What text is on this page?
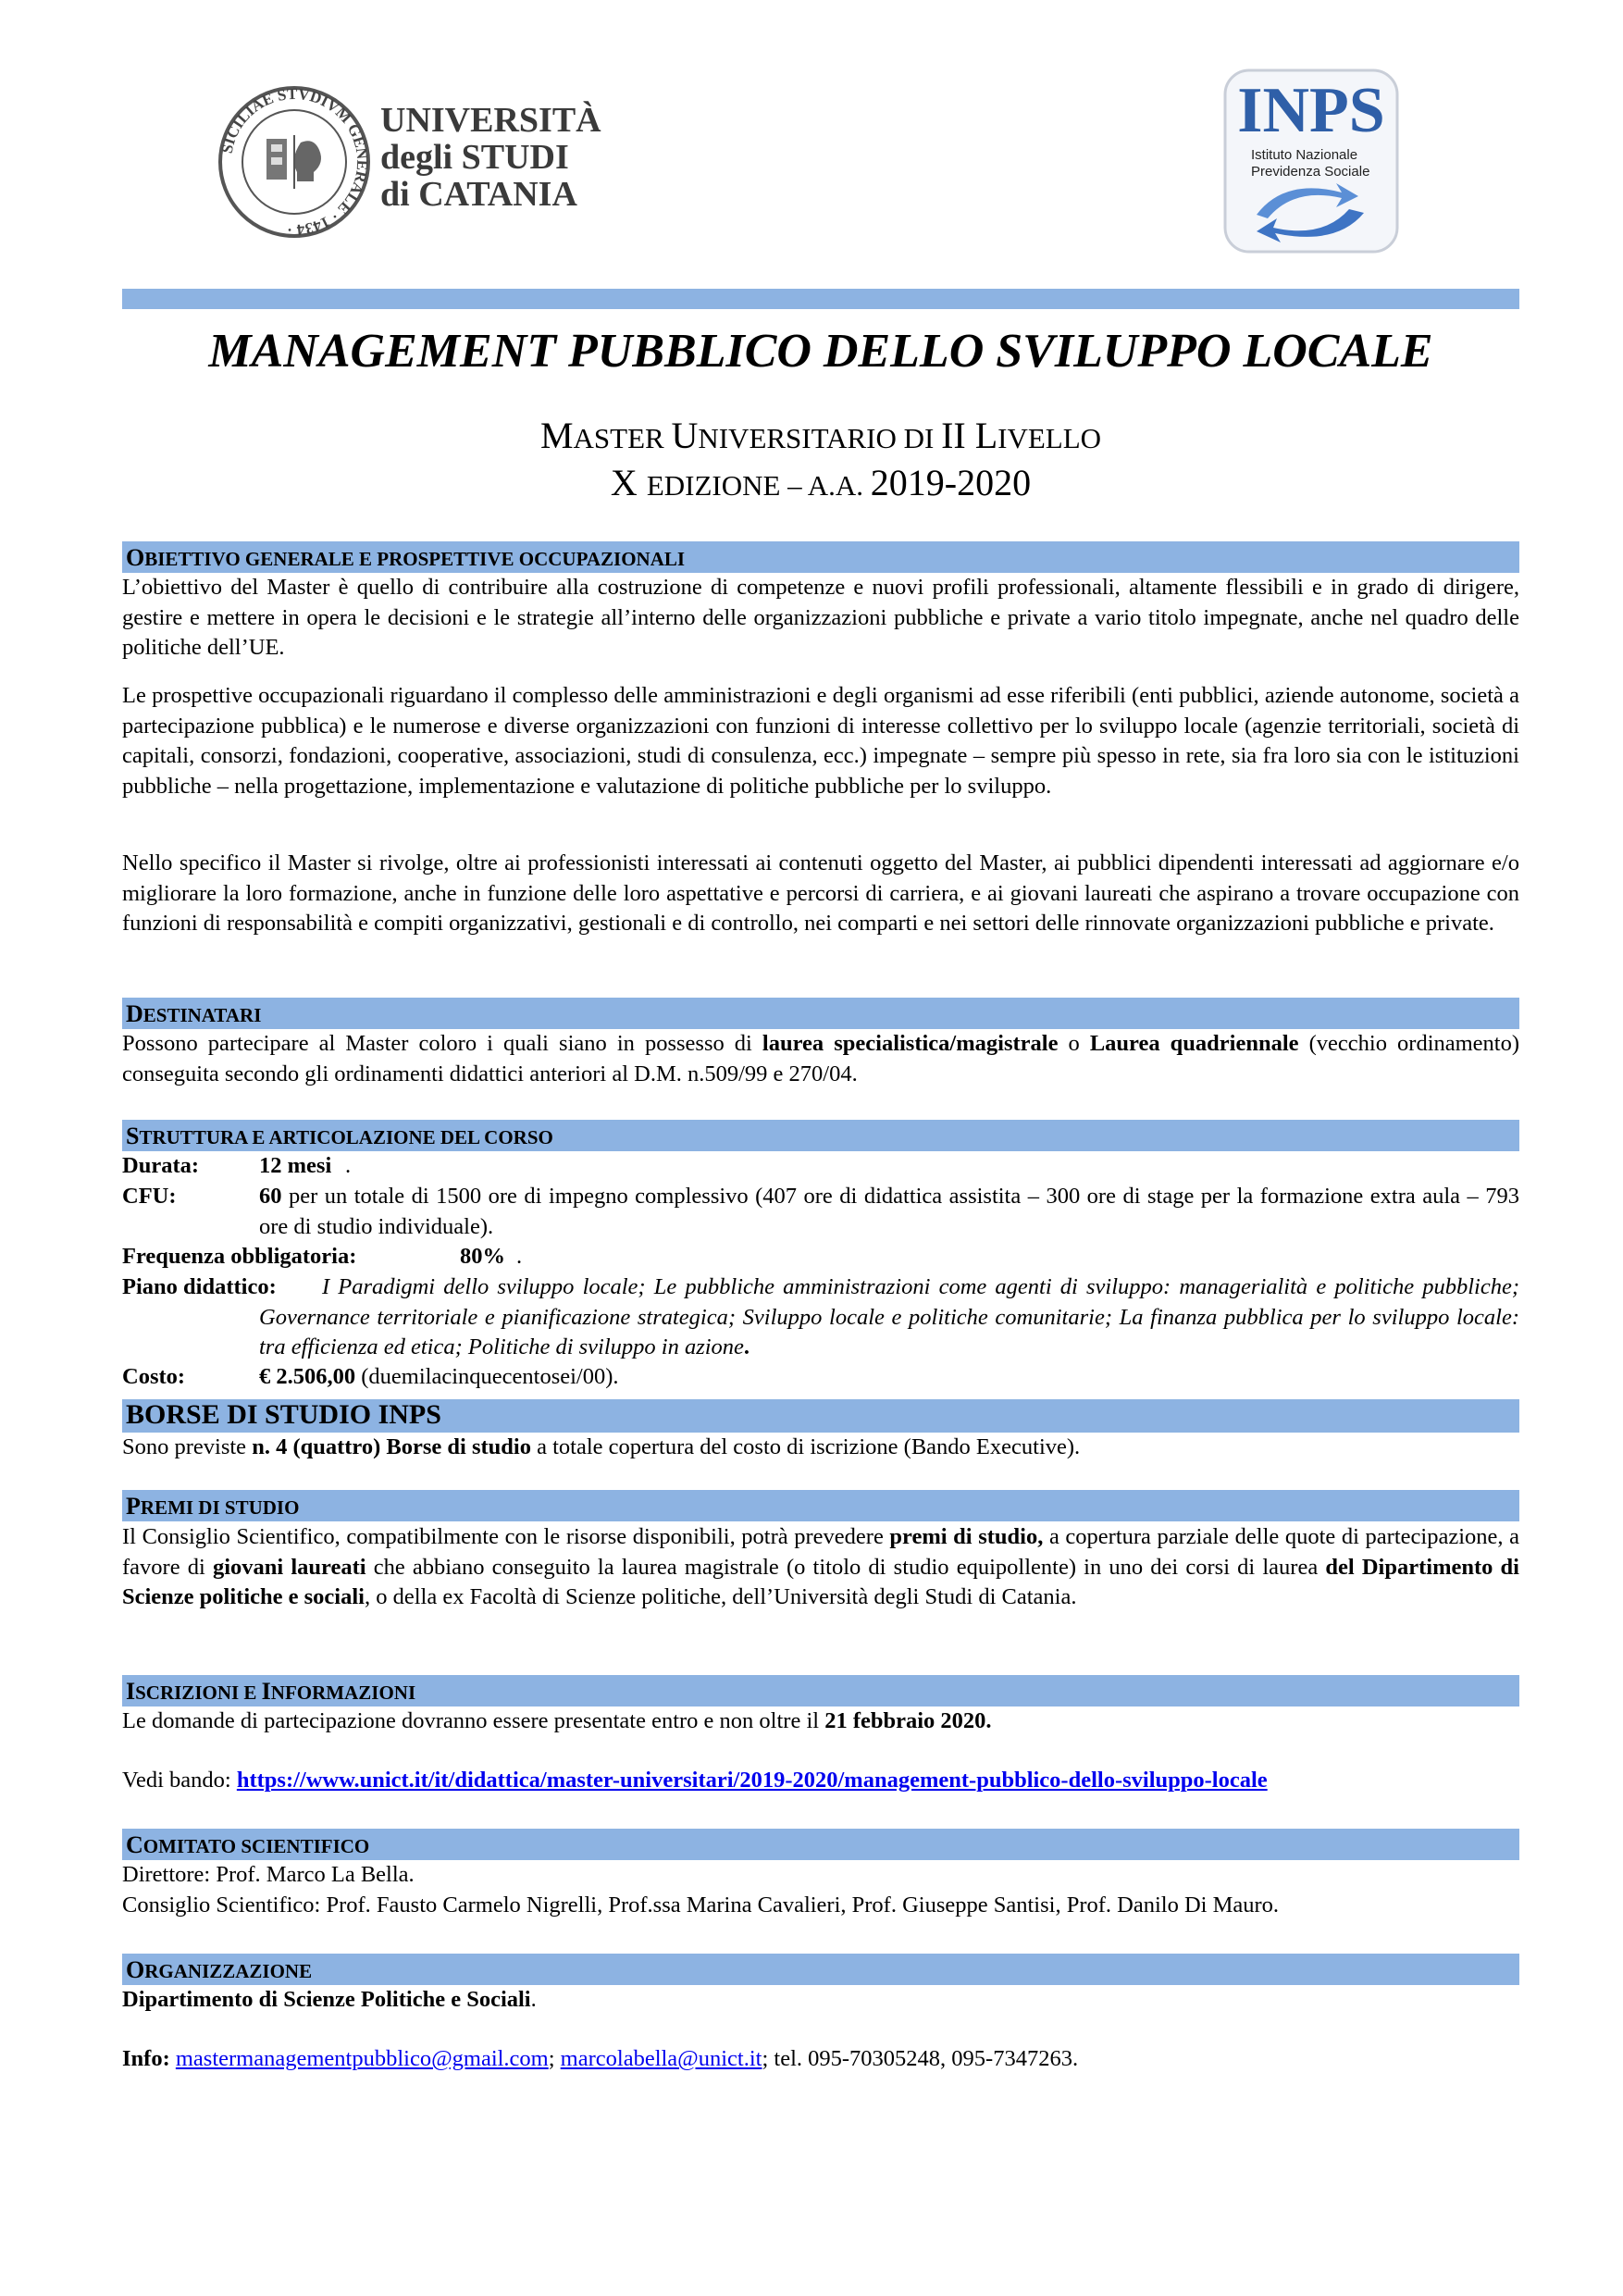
SICILIAE STVDIVM GENERALE · 1434 ·
UNIVERSITÀ
degli STUDI
di CATANIA
INPS
Istituto Nazionale
Previdenza Sociale
MANAGEMENT PUBBLICO DELLO SVILUPPO LOCALE
MASTER UNIVERSITARIO DI II LIVELLO
X EDIZIONE – A.A. 2019-2020
OBIETTIVO GENERALE E PROSPETTIVE OCCUPAZIONALI

L’obiettivo del Master è quello di contribuire alla costruzione di competenze e nuovi profili professionali, altamente flessibili e in grado di dirigere, gestire e mettere in opera le decisioni e le strategie all’interno delle organizzazioni pubbliche e private a vario titolo impegnate, anche nel quadro delle politiche dell’UE.

Le prospettive occupazionali riguardano il complesso delle amministrazioni e degli organismi ad esse riferibili (enti pubblici, aziende autonome, società a partecipazione pubblica) e le numerose e diverse organizzazioni con funzioni di interesse collettivo per lo sviluppo locale (agenzie territoriali, società di capitali, consorzi, fondazioni, cooperative, associazioni, studi di consulenza, ecc.) impegnate – sempre più spesso in rete, sia fra loro sia con le istituzioni pubbliche – nella progettazione, implementazione e valutazione di politiche pubbliche per lo sviluppo.

Nello specifico il Master si rivolge, oltre ai professionisti interessati ai contenuti oggetto del Master, ai pubblici dipendenti interessati ad aggiornare e/o migliorare la loro formazione, anche in funzione delle loro aspettative e percorsi di carriera, e ai giovani laureati che aspirano a trovare occupazione con funzioni di responsabilità e compiti organizzativi, gestionali e di controllo, nei comparti e nei settori delle rinnovate organizzazioni pubbliche e private.

DESTINATARI

Possono partecipare al Master coloro i quali siano in possesso di laurea specialistica/magistrale o Laurea quadriennale (vecchio ordinamento) conseguita secondo gli ordinamenti didattici anteriori al D.M. n.509/99 e 270/04.

STRUTTURA E ARTICOLAZIONE DEL CORSO
Durata:	12 mesi .
CFU:	60 per un totale di 1500 ore di impegno complessivo (407 ore di didattica assistita – 300 ore di stage per la formazione extra aula – 793 ore di studio individuale).
Frequenza obbligatoria:	80% .
Piano didattico:	I Paradigmi dello sviluppo locale; Le pubbliche amministrazioni come agenti di sviluppo: managerialità e politiche pubbliche; Governance territoriale e pianificazione strategica; Sviluppo locale e politiche comunitarie; La finanza pubblica per lo sviluppo locale: tra efficienza ed etica; Politiche di sviluppo in azione.
Costo:	€ 2.506,00 (duemilacinquecentosei/00).
BORSE DI STUDIO INPS

Sono previste n. 4 (quattro) Borse di studio a totale copertura del costo di iscrizione (Bando Executive).

PREMI DI STUDIO

Il Consiglio Scientifico, compatibilmente con le risorse disponibili, potrà prevedere premi di studio, a copertura parziale delle quote di partecipazione, a favore di giovani laureati che abbiano conseguito la laurea magistrale (o titolo di studio equipollente) in uno dei corsi di laurea del Dipartimento di Scienze politiche e sociali, o della ex Facoltà di Scienze politiche, dell’Università degli Studi di Catania.

ISCRIZIONI E INFORMAZIONI
Le domande di partecipazione dovranno essere presentate entro e non oltre il 21 febbraio 2020.
Vedi bando: https://www.unict.it/it/didattica/master-universitari/2019-2020/management-pubblico-dello-sviluppo-locale
COMITATO SCIENTIFICO
Direttore: Prof. Marco La Bella.
Consiglio Scientifico: Prof. Fausto Carmelo Nigrelli, Prof.ssa Marina Cavalieri, Prof. Giuseppe Santisi, Prof. Danilo Di Mauro.
ORGANIZZAZIONE
Dipartimento di Scienze Politiche e Sociali.
Info: mastermanagementpubblico@gmail.com; marcolabella@unict.it; tel. 095-70305248, 095-7347263.
